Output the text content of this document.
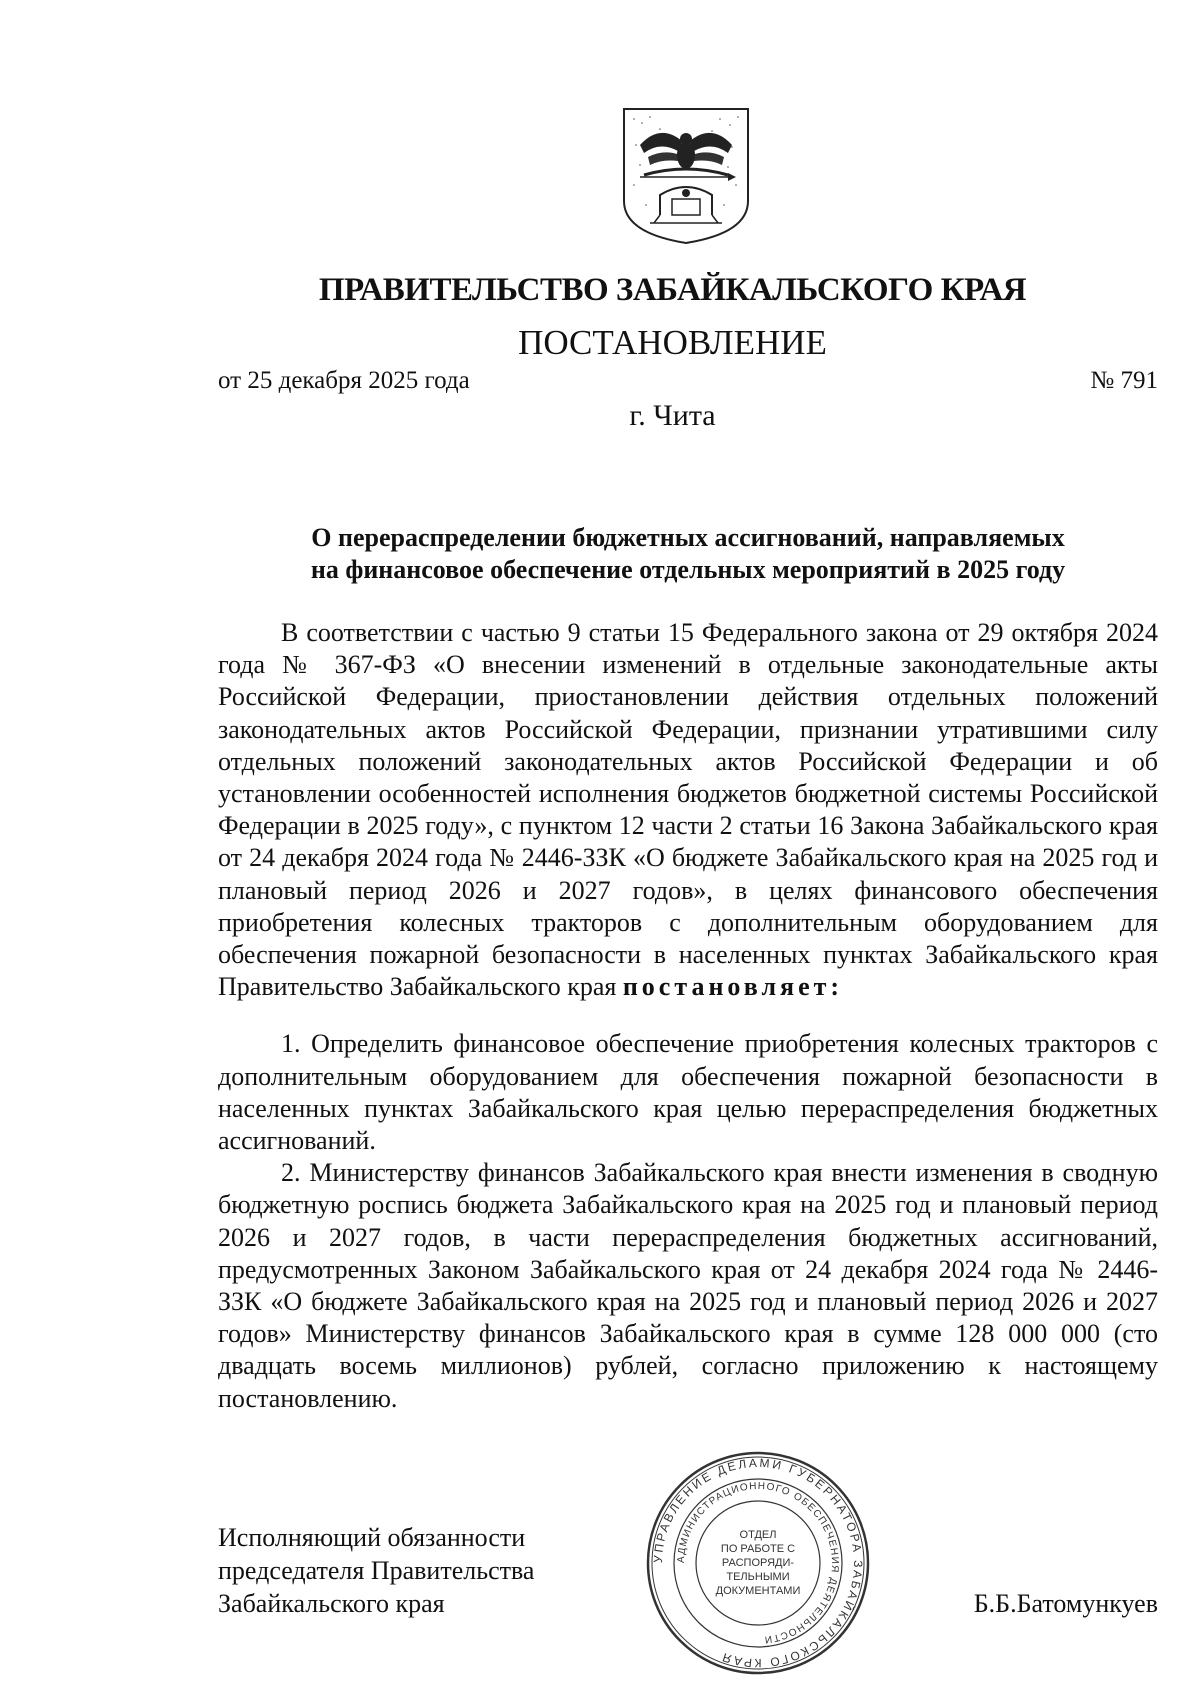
ПРАВИТЕЛЬСТВО ЗАБАЙКАЛЬСКОГО КРАЯ
ПОСТАНОВЛЕНИЕ
от 25 декабря 2025 года	№ 791
г. Чита
О перераспределении бюджетных ассигнований, направляемых
на финансовое обеспечение отдельных мероприятий в 2025 году

В соответствии с частью 9 статьи 15 Федерального закона от 29 октября 2024 года № 367-ФЗ «О внесении изменений в отдельные законодательные акты Российской Федерации, приостановлении действия отдельных положений законодательных актов Российской Федерации, признании утратившими силу отдельных положений законодательных актов Российской Федерации и об установлении особенностей исполнения бюджетов бюджетной системы Российской Федерации в 2025 году», с пунктом 12 части 2 статьи 16 Закона Забайкальского края от 24 декабря 2024 года № 2446-ЗЗК «О бюджете Забайкальского края на 2025 год и плановый период 2026 и 2027 годов», в целях финансового обеспечения приобретения колесных тракторов с дополнительным оборудованием для обеспечения пожарной безопасности в населенных пунктах Забайкальского края Правительство Забайкальского края постановляет:

1. Определить финансовое обеспечение приобретения колесных тракторов с дополнительным оборудованием для обеспечения пожарной безопасности в населенных пунктах Забайкальского края целью перераспределения бюджетных ассигнований.

2. Министерству финансов Забайкальского края внести изменения в сводную бюджетную роспись бюджета Забайкальского края на 2025 год и плановый период 2026 и 2027 годов, в части перераспределения бюджетных ассигнований, предусмотренных Законом Забайкальского края от 24 декабря 2024 года № 2446-ЗЗК «О бюджете Забайкальского края на 2025 год и плановый период 2026 и 2027 годов» Министерству финансов Забайкальского края в сумме 128 000 000 (сто двадцать восемь миллионов) рублей, согласно приложению к настоящему постановлению.

Исполняющий обязанности
председателя Правительства
Забайкальского края	Б.Б.Батомункуев
УПРАВЛЕНИЕ ДЕЛАМИ ГУБЕРНАТОРА ЗАБАЙКАЛЬСКОГО КРАЯ
АДМИНИСТРАЦИОННОГО ОБЕСПЕЧЕНИЯ ДЕЯТЕЛЬНОСТИ
ОТДЕЛ
ПО РАБОТЕ С
РАСПОРЯДИ-
ТЕЛЬНЫМИ
ДОКУМЕНТАМИ
